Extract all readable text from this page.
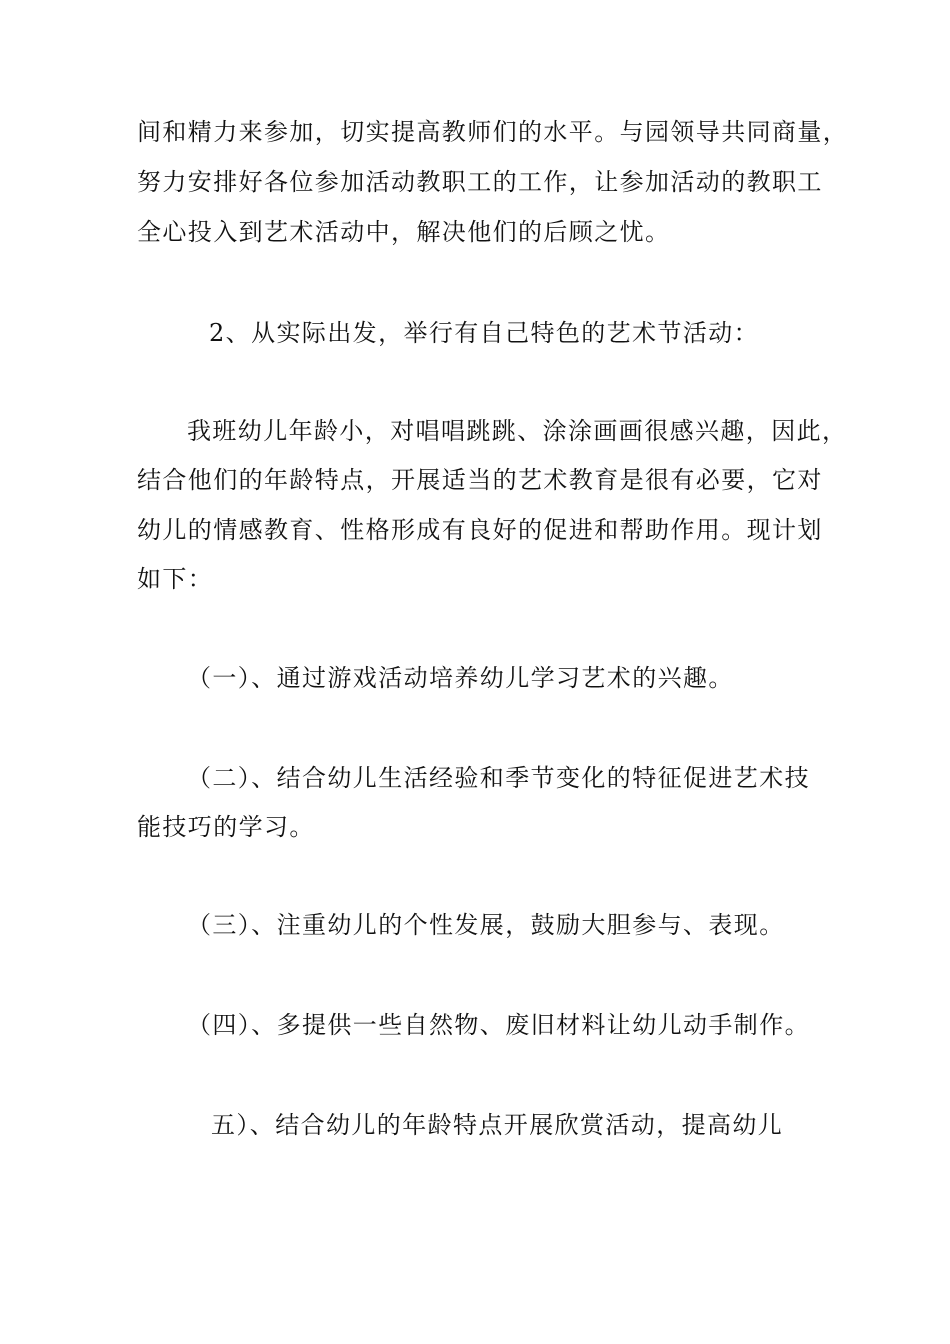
间和精力来参加，切实提高教师们的水平。与园领导共同商量，
努力安排好各位参加活动教职工的工作，让参加活动的教职工
全心投入到艺术活动中，解决他们的后顾之忧。
2、从实际出发，举行有自己特色的艺术节活动：
我班幼儿年龄小，对唱唱跳跳、涂涂画画很感兴趣，因此，
结合他们的年龄特点，开展适当的艺术教育是很有必要，它对
幼儿的情感教育、性格形成有良好的促进和帮助作用。现计划
如下：
（一）、通过游戏活动培养幼儿学习艺术的兴趣。
（二）、结合幼儿生活经验和季节变化的特征促进艺术技
能技巧的学习。
（三）、注重幼儿的个性发展，鼓励大胆参与、表现。
（四）、多提供一些自然物、废旧材料让幼儿动手制作。
五）、结合幼儿的年龄特点开展欣赏活动，提高幼儿
